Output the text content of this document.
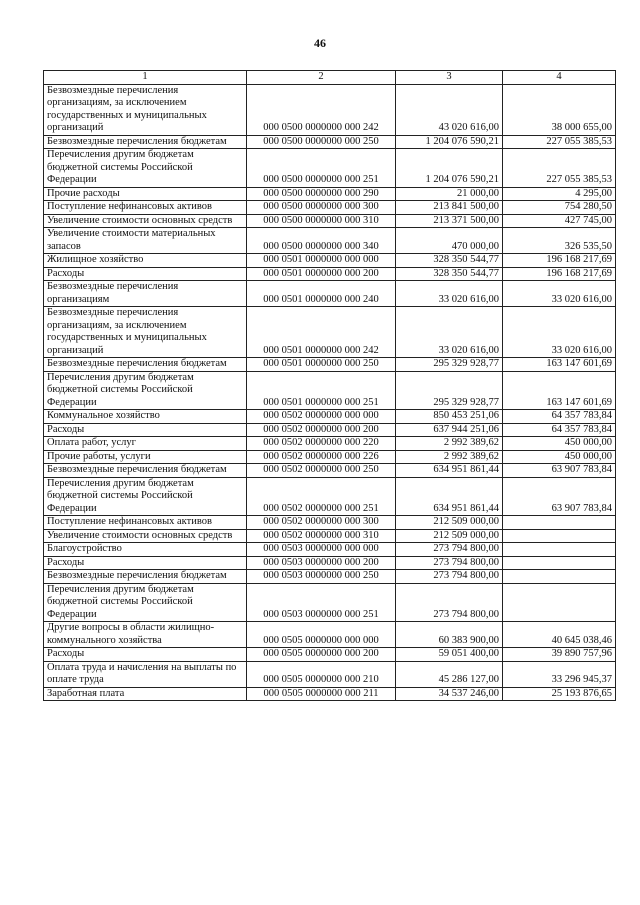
46
1	2	3	4
Безвозмездные перечисления организациям, за исключением государственных и муниципальных организаций	000 0500 0000000 000 242	43 020 616,00	38 000 655,00
Безвозмездные перечисления бюджетам	000 0500 0000000 000 250	1 204 076 590,21	227 055 385,53
Перечисления другим бюджетам бюджетной системы Российской Федерации	000 0500 0000000 000 251	1 204 076 590,21	227 055 385,53
Прочие расходы	000 0500 0000000 000 290	21 000,00	4 295,00
Поступление нефинансовых активов	000 0500 0000000 000 300	213 841 500,00	754 280,50
Увеличение стоимости основных средств	000 0500 0000000 000 310	213 371 500,00	427 745,00
Увеличение стоимости материальных запасов	000 0500 0000000 000 340	470 000,00	326 535,50
Жилищное хозяйство	000 0501 0000000 000 000	328 350 544,77	196 168 217,69
Расходы	000 0501 0000000 000 200	328 350 544,77	196 168 217,69
Безвозмездные перечисления организациям	000 0501 0000000 000 240	33 020 616,00	33 020 616,00
Безвозмездные перечисления организациям, за исключением государственных и муниципальных организаций	000 0501 0000000 000 242	33 020 616,00	33 020 616,00
Безвозмездные перечисления бюджетам	000 0501 0000000 000 250	295 329 928,77	163 147 601,69
Перечисления другим бюджетам бюджетной системы Российской Федерации	000 0501 0000000 000 251	295 329 928,77	163 147 601,69
Коммунальное хозяйство	000 0502 0000000 000 000	850 453 251,06	64 357 783,84
Расходы	000 0502 0000000 000 200	637 944 251,06	64 357 783,84
Оплата работ, услуг	000 0502 0000000 000 220	2 992 389,62	450 000,00
Прочие работы, услуги	000 0502 0000000 000 226	2 992 389,62	450 000,00
Безвозмездные перечисления бюджетам	000 0502 0000000 000 250	634 951 861,44	63 907 783,84
Перечисления другим бюджетам бюджетной системы Российской Федерации	000 0502 0000000 000 251	634 951 861,44	63 907 783,84
Поступление нефинансовых активов	000 0502 0000000 000 300	212 509 000,00	
Увеличение стоимости основных средств	000 0502 0000000 000 310	212 509 000,00	
Благоустройство	000 0503 0000000 000 000	273 794 800,00	
Расходы	000 0503 0000000 000 200	273 794 800,00	
Безвозмездные перечисления бюджетам	000 0503 0000000 000 250	273 794 800,00	
Перечисления другим бюджетам бюджетной системы Российской Федерации	000 0503 0000000 000 251	273 794 800,00	
Другие вопросы в области жилищно-коммунального хозяйства	000 0505 0000000 000 000	60 383 900,00	40 645 038,46
Расходы	000 0505 0000000 000 200	59 051 400,00	39 890 757,96
Оплата труда и начисления на выплаты по оплате труда	000 0505 0000000 000 210	45 286 127,00	33 296 945,37
Заработная плата	000 0505 0000000 000 211	34 537 246,00	25 193 876,65
